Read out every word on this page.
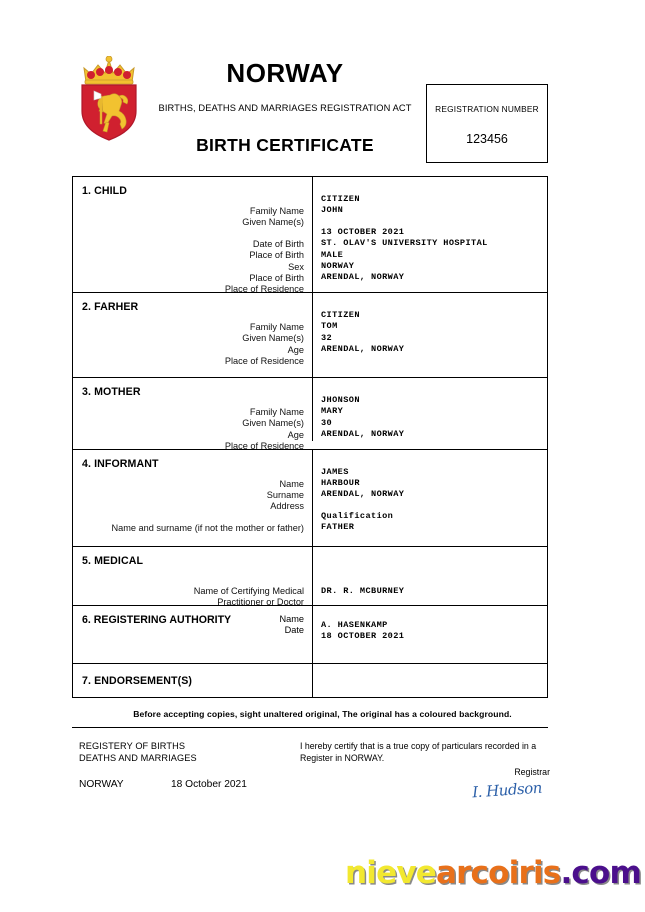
NORWAY
BIRTHS, DEATHS AND MARRIAGES REGISTRATION ACT
BIRTH CERTIFICATE
REGISTRATION NUMBER
123456
1. CHILD
Family Name
Given Name(s)
Date of Birth
Place of Birth
Sex
Place of Birth
Place of Residence
CITIZEN
JOHN
13 OCTOBER 2021
ST. OLAV'S UNIVERSITY HOSPITAL
MALE
NORWAY
ARENDAL, NORWAY
2. FARHER
Family Name
Given Name(s)
Age
Place of Residence
CITIZEN
TOM
32
ARENDAL, NORWAY
3. MOTHER
Family Name
Given Name(s)
Age
Place of Residence
JHONSON
MARY
30
ARENDAL, NORWAY
4. INFORMANT
Name
Surname
Address
Name and surname (if not the mother or father)
JAMES
HARBOUR
ARENDAL, NORWAY
Qualification
FATHER
5. MEDICAL
Name of Certifying Medical
Practitioner or Doctor
DR. R. MCBURNEY
6. REGISTERING AUTHORITY	Name
Date
A. HASENKAMP
18 OCTOBER 2021
7. ENDORSEMENT(S)
Before accepting copies, sight unaltered original, The original has a coloured background.
REGISTERY OF BIRTHS
DEATHS AND MARRIAGES
NORWAY	18 October 2021
I hereby certify that is a true copy of particulars recorded in a Register in NORWAY.
Registrar
I. Hudson
nievearcoiris.com
